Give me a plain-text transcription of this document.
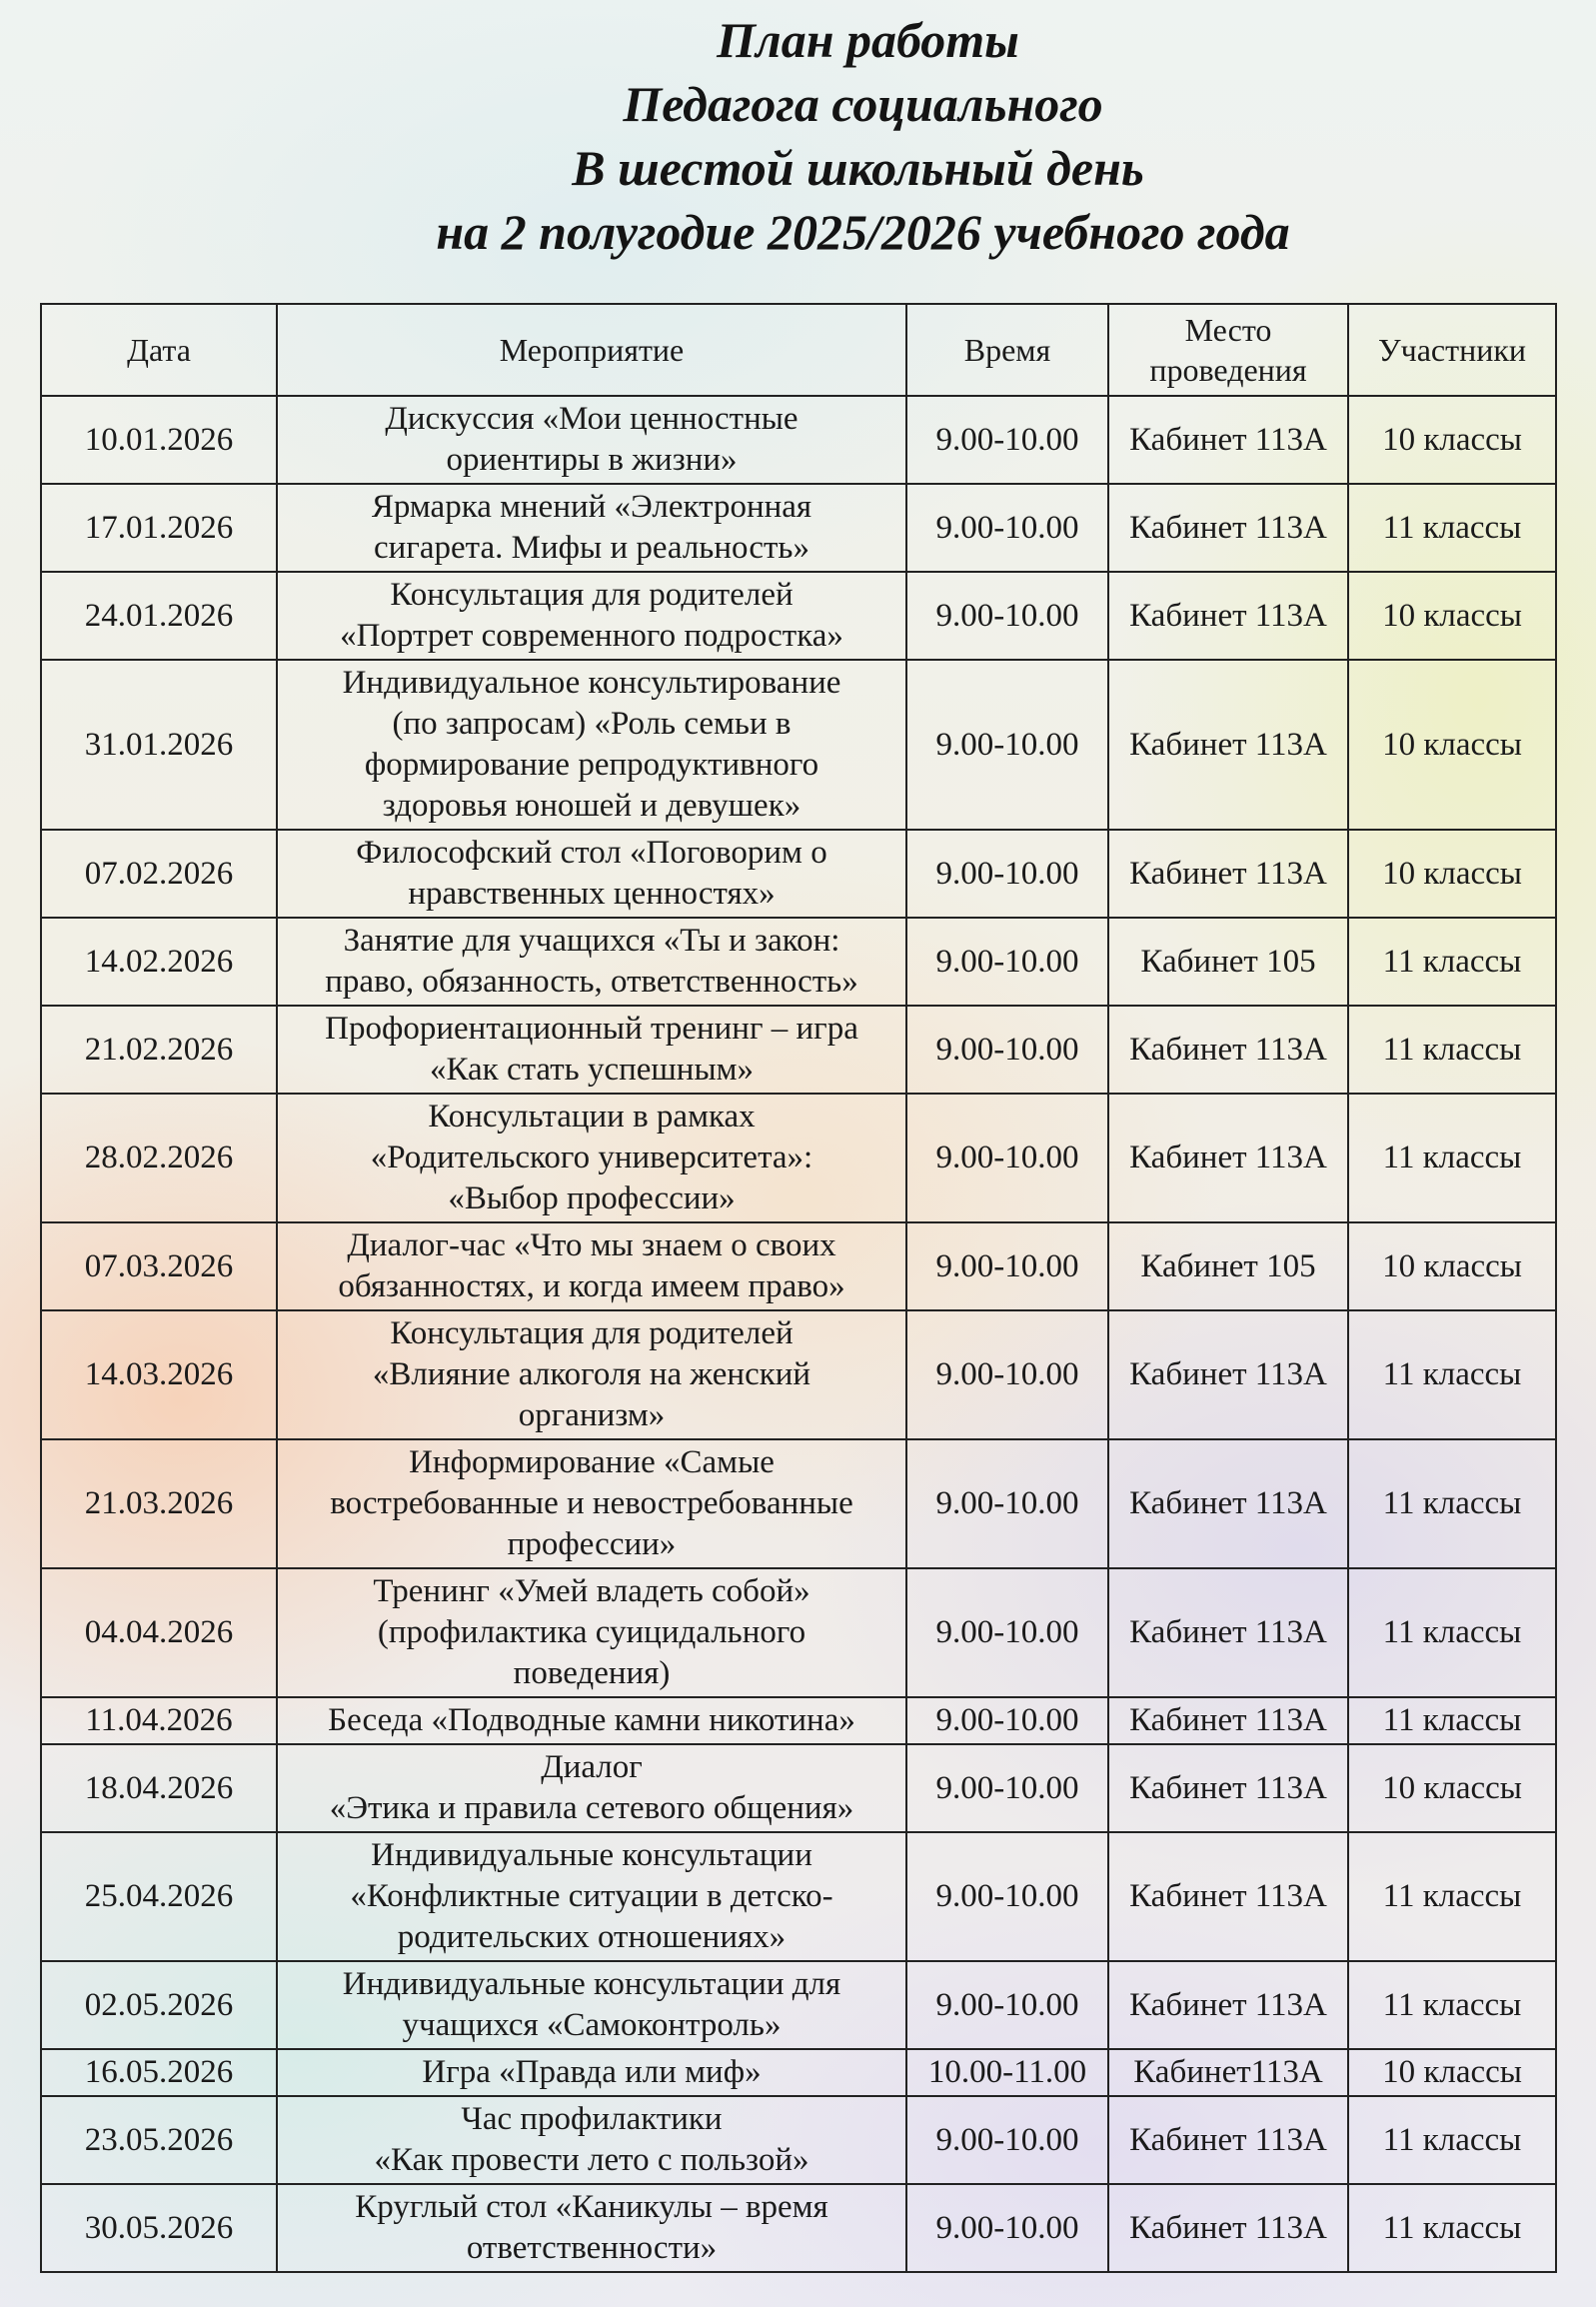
План работы
Педагога социального
В шестой школьный день
на 2 полугодие 2025/2026 учебного года
Дата	Мероприятие	Время	Место
проведения	Участники
10.01.2026	Дискуссия «Мои ценностные
ориентиры в жизни»	9.00-10.00	Кабинет 113А	10 классы
17.01.2026	Ярмарка мнений «Электронная
сигарета. Мифы и реальность»	9.00-10.00	Кабинет 113А	11 классы
24.01.2026	Консультация для родителей
«Портрет современного подростка»	9.00-10.00	Кабинет 113А	10 классы
31.01.2026	Индивидуальное консультирование
(по запросам) «Роль семьи в
формирование репродуктивного
здоровья юношей и девушек»	9.00-10.00	Кабинет 113А	10 классы
07.02.2026	Философский стол «Поговорим о
нравственных ценностях»	9.00-10.00	Кабинет 113А	10 классы
14.02.2026	Занятие для учащихся «Ты и закон:
право, обязанность, ответственность»	9.00-10.00	Кабинет 105	11 классы
21.02.2026	Профориентационный тренинг – игра
«Как стать успешным»	9.00-10.00	Кабинет 113А	11 классы
28.02.2026	Консультации в рамках
«Родительского университета»:
«Выбор профессии»	9.00-10.00	Кабинет 113А	11 классы
07.03.2026	Диалог-час «Что мы знаем о своих
обязанностях, и когда имеем право»	9.00-10.00	Кабинет 105	10 классы
14.03.2026	Консультация для родителей
«Влияние алкоголя на женский
организм»	9.00-10.00	Кабинет 113А	11 классы
21.03.2026	Информирование «Самые
востребованные и невостребованные
профессии»	9.00-10.00	Кабинет 113А	11 классы
04.04.2026	Тренинг «Умей владеть собой»
(профилактика суицидального
поведения)	9.00-10.00	Кабинет 113А	11 классы
11.04.2026	Беседа «Подводные камни никотина»	9.00-10.00	Кабинет 113А	11 классы
18.04.2026	Диалог
«Этика и правила сетевого общения»	9.00-10.00	Кабинет 113А	10 классы
25.04.2026	Индивидуальные консультации
«Конфликтные ситуации в детско-
родительских отношениях»	9.00-10.00	Кабинет 113А	11 классы
02.05.2026	Индивидуальные консультации для
учащихся «Самоконтроль»	9.00-10.00	Кабинет 113А	11 классы
16.05.2026	Игра «Правда или миф»	10.00-11.00	Кабинет113А	10 классы
23.05.2026	Час профилактики
«Как провести лето с пользой»	9.00-10.00	Кабинет 113А	11 классы
30.05.2026	Круглый стол «Каникулы – время
ответственности»	9.00-10.00	Кабинет 113А	11 классы
